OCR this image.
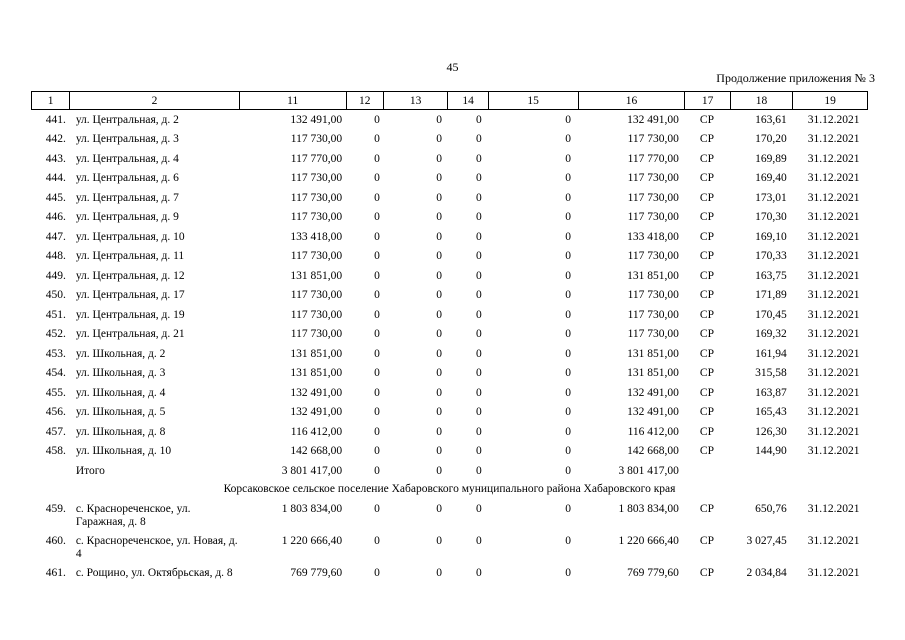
45
Продолжение приложения № 3
1	2	11	12	13	14	15	16	17	18	19
441.	ул. Центральная, д. 2	132 491,00	0	0	0	0	132 491,00	СР	163,61	31.12.2021
442.	ул. Центральная, д. 3	117 730,00	0	0	0	0	117 730,00	СР	170,20	31.12.2021
443.	ул. Центральная, д. 4	117 770,00	0	0	0	0	117 770,00	СР	169,89	31.12.2021
444.	ул. Центральная, д. 6	117 730,00	0	0	0	0	117 730,00	СР	169,40	31.12.2021
445.	ул. Центральная, д. 7	117 730,00	0	0	0	0	117 730,00	СР	173,01	31.12.2021
446.	ул. Центральная, д. 9	117 730,00	0	0	0	0	117 730,00	СР	170,30	31.12.2021
447.	ул. Центральная, д. 10	133 418,00	0	0	0	0	133 418,00	СР	169,10	31.12.2021
448.	ул. Центральная, д. 11	117 730,00	0	0	0	0	117 730,00	СР	170,33	31.12.2021
449.	ул. Центральная, д. 12	131 851,00	0	0	0	0	131 851,00	СР	163,75	31.12.2021
450.	ул. Центральная, д. 17	117 730,00	0	0	0	0	117 730,00	СР	171,89	31.12.2021
451.	ул. Центральная, д. 19	117 730,00	0	0	0	0	117 730,00	СР	170,45	31.12.2021
452.	ул. Центральная, д. 21	117 730,00	0	0	0	0	117 730,00	СР	169,32	31.12.2021
453.	ул. Школьная, д. 2	131 851,00	0	0	0	0	131 851,00	СР	161,94	31.12.2021
454.	ул. Школьная, д. 3	131 851,00	0	0	0	0	131 851,00	СР	315,58	31.12.2021
455.	ул. Школьная, д. 4	132 491,00	0	0	0	0	132 491,00	СР	163,87	31.12.2021
456.	ул. Школьная, д. 5	132 491,00	0	0	0	0	132 491,00	СР	165,43	31.12.2021
457.	ул. Школьная, д. 8	116 412,00	0	0	0	0	116 412,00	СР	126,30	31.12.2021
458.	ул. Школьная, д. 10	142 668,00	0	0	0	0	142 668,00	СР	144,90	31.12.2021
	Итого	3 801 417,00	0	0	0	0	3 801 417,00			
Корсаковское сельское поселение Хабаровского муниципального района Хабаровского края										
459.	с. Краснореченское, ул. Гаражная, д. 8	1 803 834,00	0	0	0	0	1 803 834,00	СР	650,76	31.12.2021
460.	с. Краснореченское, ул. Новая, д. 4	1 220 666,40	0	0	0	0	1 220 666,40	СР	3 027,45	31.12.2021
461.	с. Рощино, ул. Октябрьская, д. 8	769 779,60	0	0	0	0	769 779,60	СР	2 034,84	31.12.2021
